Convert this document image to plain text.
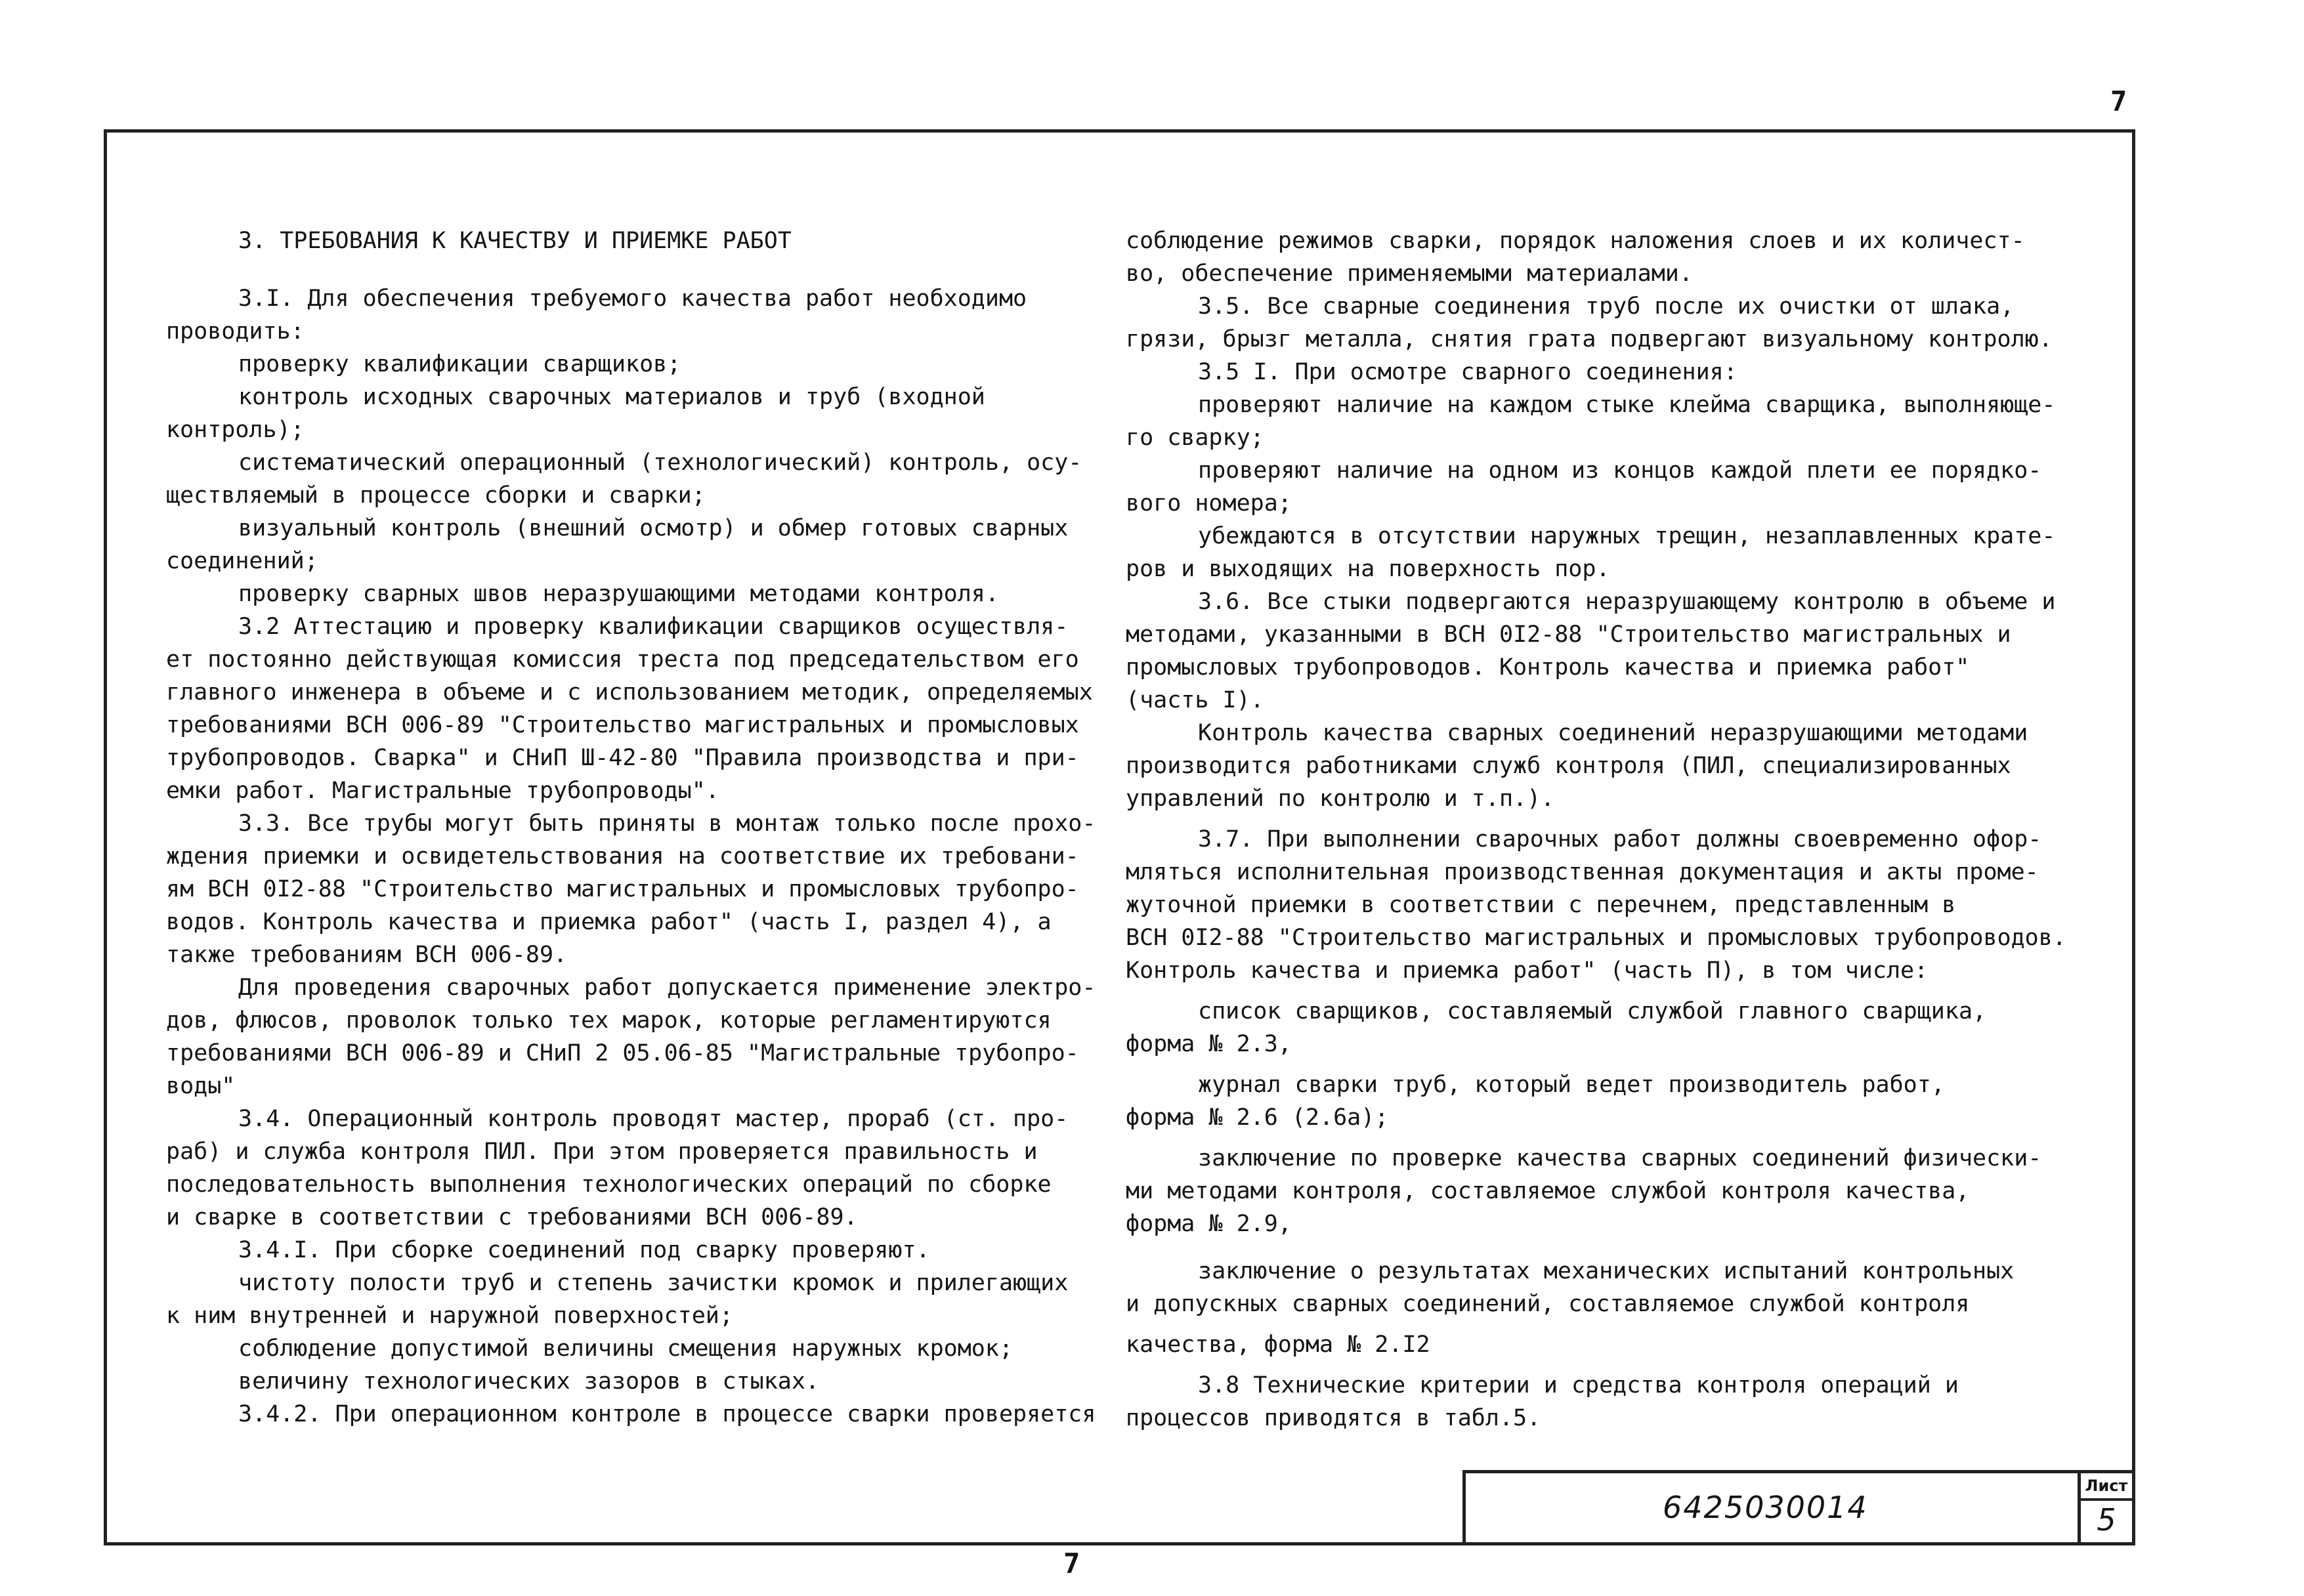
7
3. ТРЕБОВАНИЯ К КАЧЕСТВУ И ПРИЕМКЕ РАБОТ
3.I. Для обеспечения требуемого качества работ необходимо
проводить:
проверку квалификации сварщиков;
контроль исходных сварочных материалов и труб (входной
контроль);
систематический операционный (технологический) контроль, осу-
ществляемый в процессе сборки и сварки;
визуальный контроль (внешний осмотр) и обмер готовых сварных
соединений;
проверку сварных швов неразрушающими методами контроля.
3.2 Аттестацию и проверку квалификации сварщиков осуществля-
ет постоянно действующая комиссия треста под председательством его
главного инженера в объеме и с использованием методик, определяемых
требованиями ВСН 006-89 "Строительство магистральных и промысловых
трубопроводов. Сварка" и СНиП Ш-42-80 "Правила производства и при-
емки работ. Магистральные трубопроводы".
3.3. Все трубы могут быть приняты в монтаж только после прохо-
ждения приемки и освидетельствования на соответствие их требовани-
ям ВСН 0I2-88 "Строительство магистральных и промысловых трубопро-
водов. Контроль качества и приемка работ" (часть I, раздел 4), а
также требованиям ВСН 006-89.
Для проведения сварочных работ допускается применение электро-
дов, флюсов, проволок только тех марок, которые регламентируются
требованиями ВСН 006-89 и СНиП 2 05.06-85 "Магистральные трубопро-
воды"
3.4. Операционный контроль проводят мастер, прораб (ст. про-
раб) и служба контроля ПИЛ. При этом проверяется правильность и
последовательность выполнения технологических операций по сборке
и сварке в соответствии с требованиями ВСН 006-89.
3.4.I. При сборке соединений под сварку проверяют.
чистоту полости труб и степень зачистки кромок и прилегающих
к ним внутренней и наружной поверхностей;
соблюдение допустимой величины смещения наружных кромок;
величину технологических зазоров в стыках.
3.4.2. При операционном контроле в процессе сварки проверяется
соблюдение режимов сварки, порядок наложения слоев и их количест-
во, обеспечение применяемыми материалами.
3.5. Все сварные соединения труб после их очистки от шлака,
грязи, брызг металла, снятия грата подвергают визуальному контролю.
3.5 I. При осмотре сварного соединения:
проверяют наличие на каждом стыке клейма сварщика, выполняюще-
го сварку;
проверяют наличие на одном из концов каждой плети ее порядко-
вого номера;
убеждаются в отсутствии наружных трещин, незаплавленных крате-
ров и выходящих на поверхность пор.
3.6. Все стыки подвергаются неразрушающему контролю в объеме и
методами, указанными в ВСН 0I2-88 "Строительство магистральных и
промысловых трубопроводов. Контроль качества и приемка работ"
(часть I).
Контроль качества сварных соединений неразрушающими методами
производится работниками служб контроля (ПИЛ, специализированных
управлений по контролю и т.п.).
3.7. При выполнении сварочных работ должны своевременно офор-
мляться исполнительная производственная документация и акты проме-
жуточной приемки в соответствии с перечнем, представленным в
ВСН 0I2-88 "Строительство магистральных и промысловых трубопроводов.
Контроль качества и приемка работ" (часть П), в том числе:
список сварщиков, составляемый службой главного сварщика,
форма № 2.3,
журнал сварки труб, который ведет производитель работ,
форма № 2.6 (2.6а);
заключение по проверке качества сварных соединений физически-
ми методами контроля, составляемое службой контроля качества,
форма № 2.9,
заключение о результатах механических испытаний контрольных
и допускных сварных соединений, составляемое службой контроля
качества, форма № 2.I2
3.8 Технические критерии и средства контроля операций и
процессов приводятся в табл.5.
6425030014
Лист
5
7
